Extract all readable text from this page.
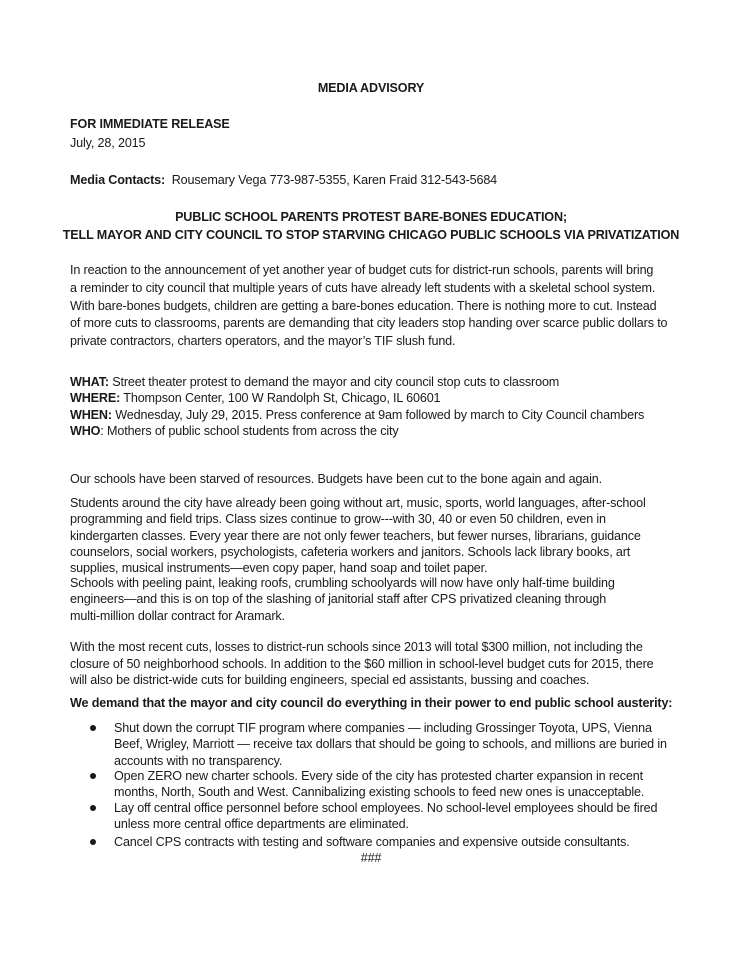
MEDIA ADVISORY
FOR IMMEDIATE RELEASE
July, 28, 2015
Media Contacts: Rousemary Vega 773-987-5355, Karen Fraid 312-543-5684
PUBLIC SCHOOL PARENTS PROTEST BARE-BONES EDUCATION;
TELL MAYOR AND CITY COUNCIL TO STOP STARVING CHICAGO PUBLIC SCHOOLS VIA PRIVATIZATION
In reaction to the announcement of yet another year of budget cuts for district-run schools, parents will bring
a reminder to city council that multiple years of cuts have already left students with a skeletal school system.
With bare-bones budgets, children are getting a bare-bones education. There is nothing more to cut. Instead
of more cuts to classrooms, parents are demanding that city leaders stop handing over scarce public dollars to
private contractors, charters operators, and the mayor’s TIF slush fund.
WHAT: Street theater protest to demand the mayor and city council stop cuts to classroom
WHERE: Thompson Center, 100 W Randolph St, Chicago, IL 60601
WHEN: Wednesday, July 29, 2015. Press conference at 9am followed by march to City Council chambers
WHO: Mothers of public school students from across the city
Our schools have been starved of resources. Budgets have been cut to the bone again and again.
Students around the city have already been going without art, music, sports, world languages, after-school
programming and field trips. Class sizes continue to grow---with 30, 40 or even 50 children, even in
kindergarten classes. Every year there are not only fewer teachers, but fewer nurses, librarians, guidance
counselors, social workers, psychologists, cafeteria workers and janitors. Schools lack library books, art
supplies, musical instruments—even copy paper, hand soap and toilet paper.
Schools with peeling paint, leaking roofs, crumbling schoolyards will now have only half-time building
engineers—and this is on top of the slashing of janitorial staff after CPS privatized cleaning through
multi-million dollar contract for Aramark.
With the most recent cuts, losses to district-run schools since 2013 will total $300 million, not including the
closure of 50 neighborhood schools. In addition to the $60 million in school-level budget cuts for 2015, there
will also be district-wide cuts for building engineers, special ed assistants, bussing and coaches.
We demand that the mayor and city council do everything in their power to end public school austerity:
Shut down the corrupt TIF program where companies — including Grossinger Toyota, UPS, Vienna
Beef, Wrigley, Marriott — receive tax dollars that should be going to schools, and millions are buried in
accounts with no transparency.
Open ZERO new charter schools. Every side of the city has protested charter expansion in recent
months, North, South and West. Cannibalizing existing schools to feed new ones is unacceptable.
Lay off central office personnel before school employees. No school-level employees should be fired
unless more central office departments are eliminated.
Cancel CPS contracts with testing and software companies and expensive outside consultants.
###
